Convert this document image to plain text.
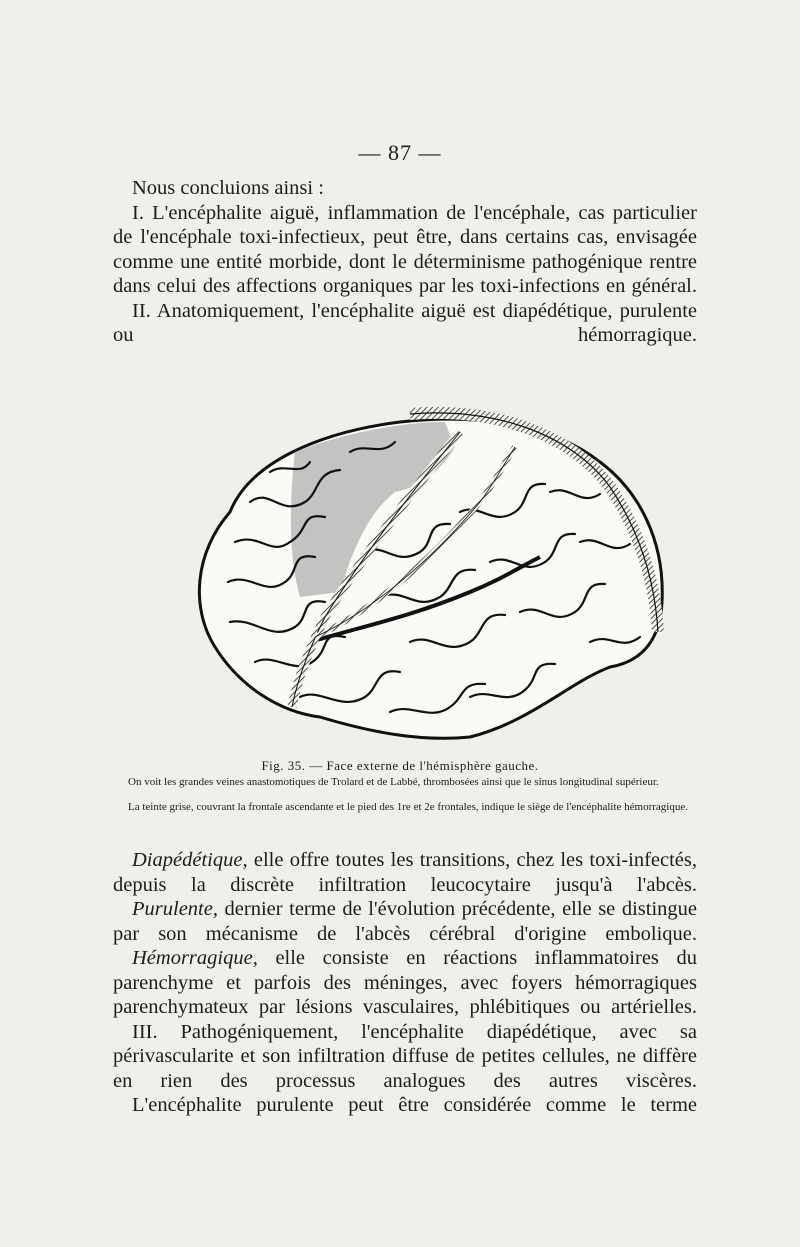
— 87 —

Nous concluions ainsi :

I. L'encéphalite aiguë, inflammation de l'encéphale, cas particulier de l'encéphale toxi-infectieux, peut être, dans certains cas, envisagée comme une entité morbide, dont le déterminisme pathogénique rentre dans celui des affections organiques par les toxi-infections en général.

II. Anatomiquement, l'encéphalite aiguë est diapédétique, purulente ou hémorragique.

Fig. 35. — Face externe de l'hémisphère gauche.

On voit les grandes veines anastomotiques de Trolard et de Labbé, thrombosées ainsi que le sinus longitudinal supérieur.

La teinte grise, couvrant la frontale ascendante et le pied des 1re et 2e frontales, indique le siège de l'encéphalite hémorragique.

Diapédétique, elle offre toutes les transitions, chez les toxi-infectés, depuis la discrète infiltration leucocytaire jusqu'à l'abcès.

Purulente, dernier terme de l'évolution précédente, elle se distingue par son mécanisme de l'abcès cérébral d'origine embolique.

Hémorragique, elle consiste en réactions inflammatoires du parenchyme et parfois des méninges, avec foyers hémorragiques parenchymateux par lésions vasculaires, phlébitiques ou artérielles.

III. Pathogéniquement, l'encéphalite diapédétique, avec sa périvascularite et son infiltration diffuse de petites cellules, ne diffère en rien des processus analogues des autres viscères.

L'encéphalite purulente peut être considérée comme le terme
